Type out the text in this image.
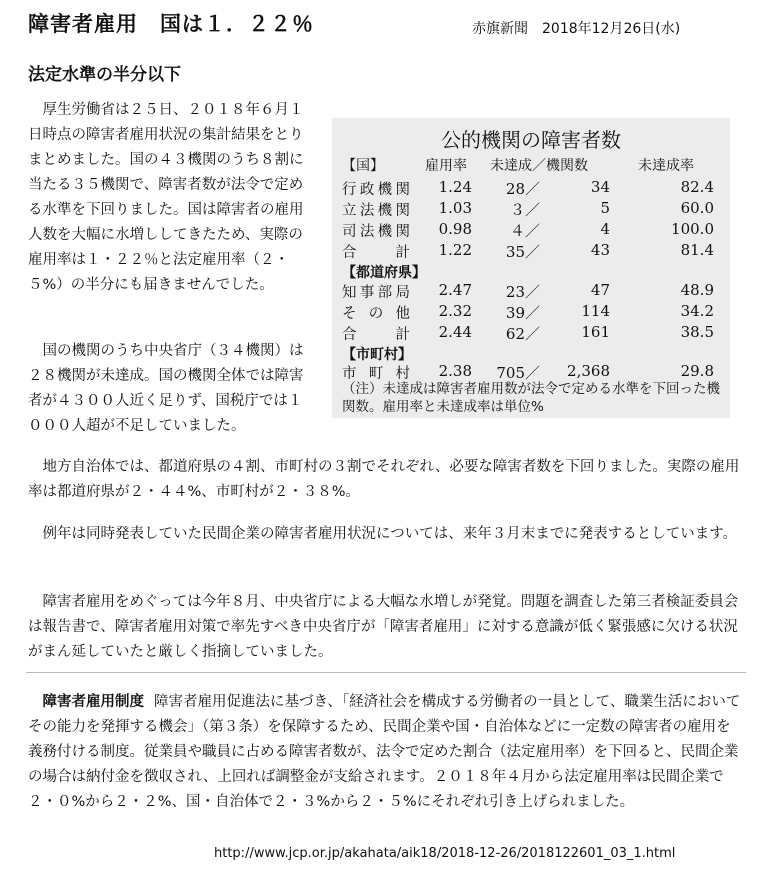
障害者雇用　国は１．２２％	赤旗新聞　2018年12月26日(水)
法定水準の半分以下

厚生労働省は２５日、２０１８年６月１日時点の障害者雇用状況の集計結果をとりまとめました。国の４３機関のうち８割に当たる３５機関で、障害者数が法令で定める水準を下回りました。国は障害者の雇用人数を大幅に水増ししてきたため、実際の雇用率は１・２２％と法定雇用率（２・５%）の半分にも届きませんでした。

国の機関のうち中央省庁（３４機関）は２８機関が未達成。国の機関全体では障害者が４３００人近く足りず、国税庁では１０００人超が不足していました。

公的機関の障害者数
【国】	雇用率	未達成／機関数	未達成率
行政機関	1.24	28／	34	82.4
立法機関	1.03	３／	5	60.0
司法機関	0.98	４／	4	100.0
合　計	1.22	35／	43	81.4
【都道府県】
知事部局	2.47	23／	47	48.9
そ の 他	2.32	39／	114	34.2
合　計	2.44	62／	161	38.5
【市町村】
市 町 村	2.38	705／	2,368	29.8
（注）未達成は障害者雇用数が法令で定める水準を下回った機関数。雇用率と未達成率は単位%

地方自治体では、都道府県の４割、市町村の３割でそれぞれ、必要な障害者数を下回りました。実際の雇用率は都道府県が２・４４%、市町村が２・３８%。

例年は同時発表していた民間企業の障害者雇用状況については、来年３月末までに発表するとしています。

障害者雇用をめぐっては今年８月、中央省庁による大幅な水増しが発覚。問題を調査した第三者検証委員会は報告書で、障害者雇用対策で率先すべき中央省庁が「障害者雇用」に対する意識が低く緊張感に欠ける状況がまん延していたと厳しく指摘していました。

障害者雇用制度 障害者雇用促進法に基づき、「経済社会を構成する労働者の一員として、職業生活においてその能力を発揮する機会」（第３条）を保障するため、民間企業や国・自治体などに一定数の障害者の雇用を義務付ける制度。従業員や職員に占める障害者数が、法令で定めた割合（法定雇用率）を下回ると、民間企業の場合は納付金を徴収され、上回れば調整金が支給されます。２０１８年４月から法定雇用率は民間企業で２・０%から２・２%、国・自治体で２・３%から２・５%にそれぞれ引き上げられました。

http://www.jcp.or.jp/akahata/aik18/2018-12-26/2018122601_03_1.html
